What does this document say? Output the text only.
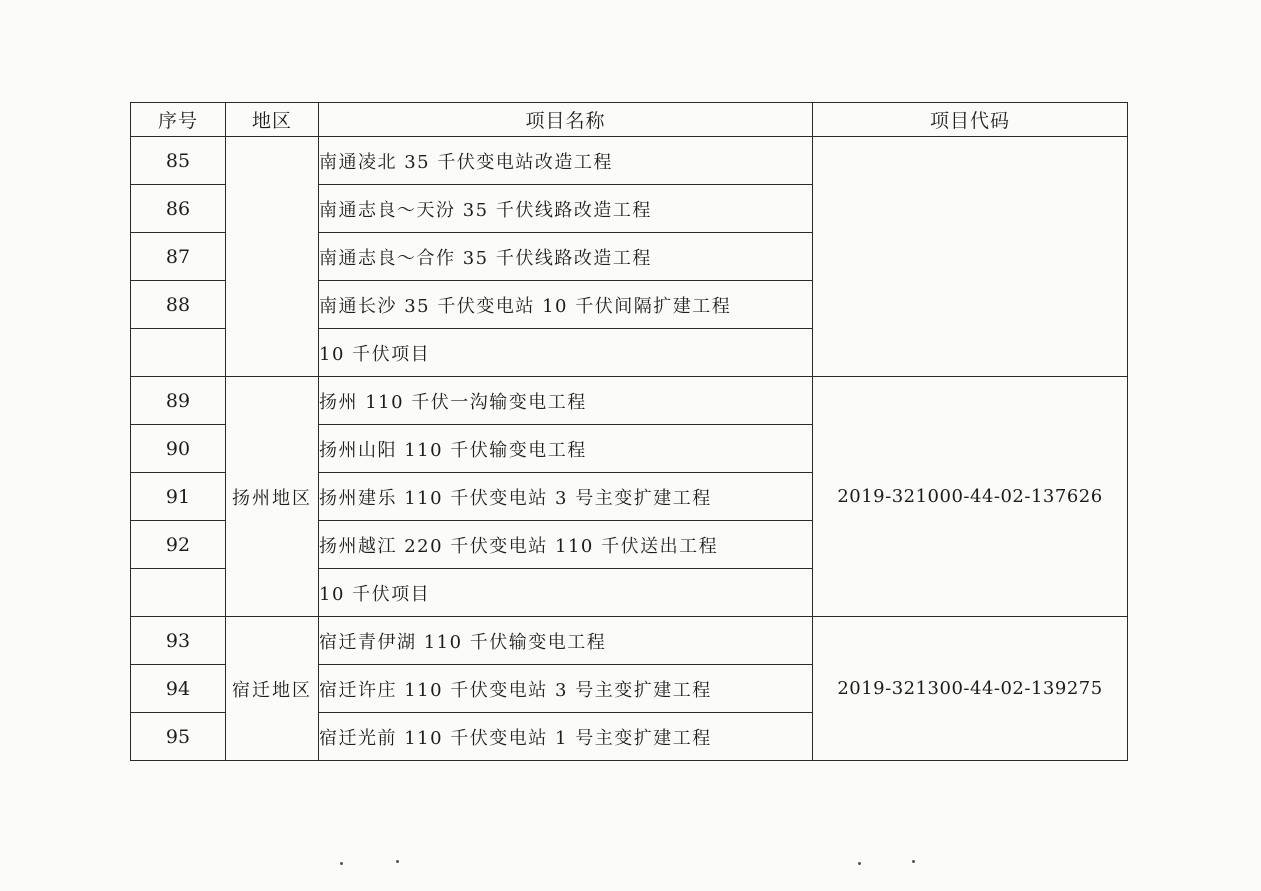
序号	地区	项目名称	项目代码
85		南通凌北 35 千伏变电站改造工程	
86		南通志良～天汾 35 千伏线路改造工程	
87		南通志良～合作 35 千伏线路改造工程	
88		南通长沙 35 千伏变电站 10 千伏间隔扩建工程	
		10 千伏项目	
89	扬州地区	扬州 110 千伏一沟输变电工程	2019-321000-44-02-137626
90		扬州山阳 110 千伏输变电工程	
91		扬州建乐 110 千伏变电站 3 号主变扩建工程	
92		扬州越江 220 千伏变电站 110 千伏送出工程	
		10 千伏项目	
93	宿迁地区	宿迁青伊湖 110 千伏输变电工程	2019-321300-44-02-139275
94		宿迁许庄 110 千伏变电站 3 号主变扩建工程	
95		宿迁光前 110 千伏变电站 1 号主变扩建工程	
